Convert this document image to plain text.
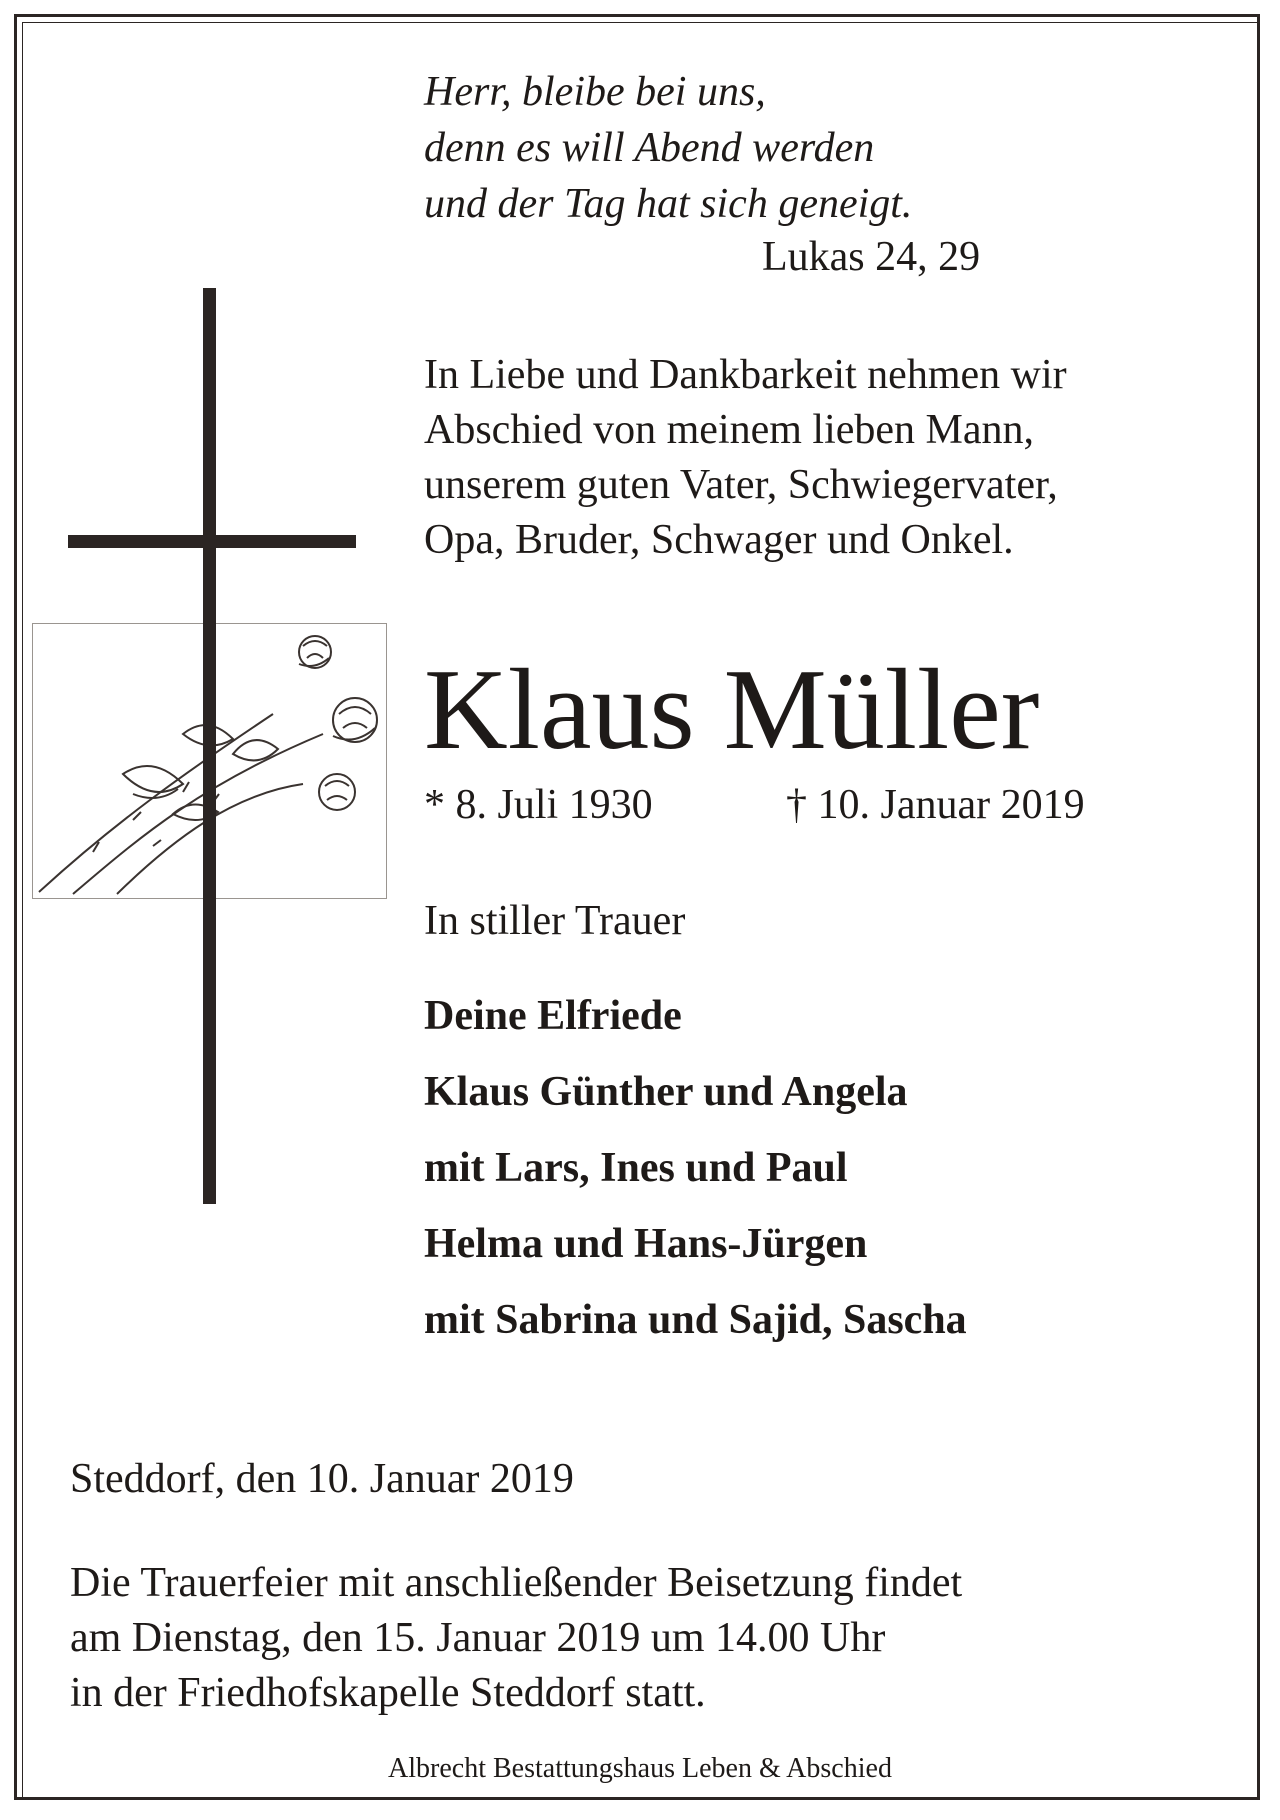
Herr, bleibe bei uns,
denn es will Abend werden
und der Tag hat sich geneigt.
Lukas 24, 29
In Liebe und Dankbarkeit nehmen wir
Abschied von meinem lieben Mann,
unserem guten Vater, Schwiegervater,
Opa, Bruder, Schwager und Onkel.
Klaus Müller
* 8. Juli 1930	† 10. Januar 2019
In stiller Trauer
Deine Elfriede
Klaus Günther und Angela
mit Lars, Ines und Paul
Helma und Hans-Jürgen
mit Sabrina und Sajid, Sascha
Steddorf, den 10. Januar 2019
Die Trauerfeier mit anschließender Beisetzung findet
am Dienstag, den 15. Januar 2019 um 14.00 Uhr
in der Friedhofskapelle Steddorf statt.
Albrecht Bestattungshaus Leben & Abschied
